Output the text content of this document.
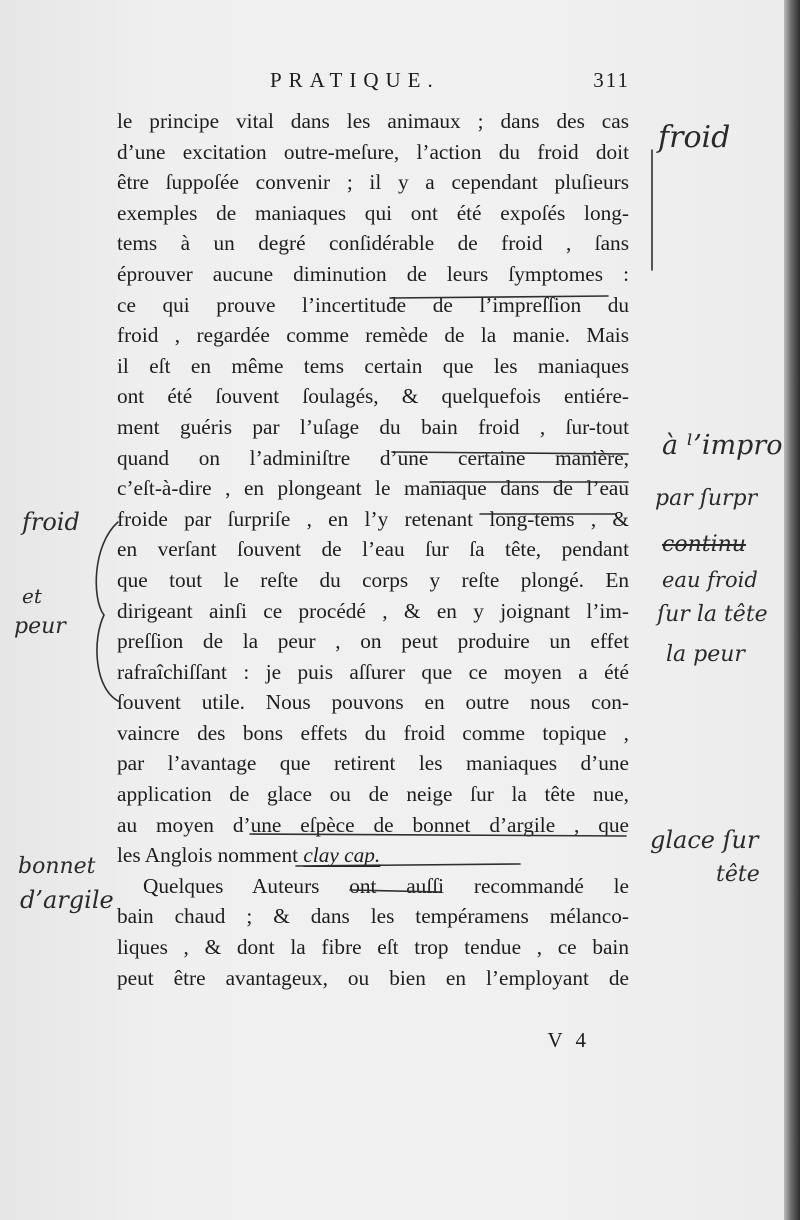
PRATIQUE.	311
le principe vital dans les animaux ; dans des cas
d’une excitation outre-meſure, l’action du froid doit
être ſuppoſée convenir ; il y a cependant pluſieurs
exemples de maniaques qui ont été expoſés long-
tems à un degré conſidérable de froid , ſans
éprouver aucune diminution de leurs ſymptomes :
ce qui prouve l’incertitude de l’impreſſion du
froid , regardée comme remède de la manie. Mais
il eſt en même tems certain que les maniaques
ont été ſouvent ſoulagés, & quelquefois entiére-
ment guéris par l’uſage du bain froid , ſur-tout
quand on l’adminiſtre d’une certaine manière,
c’eſt-à-dire , en plongeant le maniaque dans de l’eau
froide par ſurpriſe , en l’y retenant long-tems , &
en verſant ſouvent de l’eau ſur ſa tête, pendant
que tout le reſte du corps y reſte plongé. En
dirigeant ainſi ce procédé , & en y joignant l’im-
preſſion de la peur , on peut produire un effet
rafraîchiſſant : je puis aſſurer que ce moyen a été
ſouvent utile. Nous pouvons en outre nous con-
vaincre des bons effets du froid comme topique ,
par l’avantage que retirent les maniaques d’une
application de glace ou de neige ſur la tête nue,
au moyen d’une eſpèce de bonnet d’argile , que
les Anglois nomment clay cap.
Quelques Auteurs ont auſſi recommandé le
bain chaud ; & dans les tempéramens mélanco-
liques , & dont la fibre eſt trop tendue , ce bain
peut être avantageux, ou bien en l’employant de
V 4
froid
à ˡ’impro
par ſurpr
continu
eau froid
ſur la tête
la peur
glace ſur
tête
froid
et
peur
bonnet
d’argile
